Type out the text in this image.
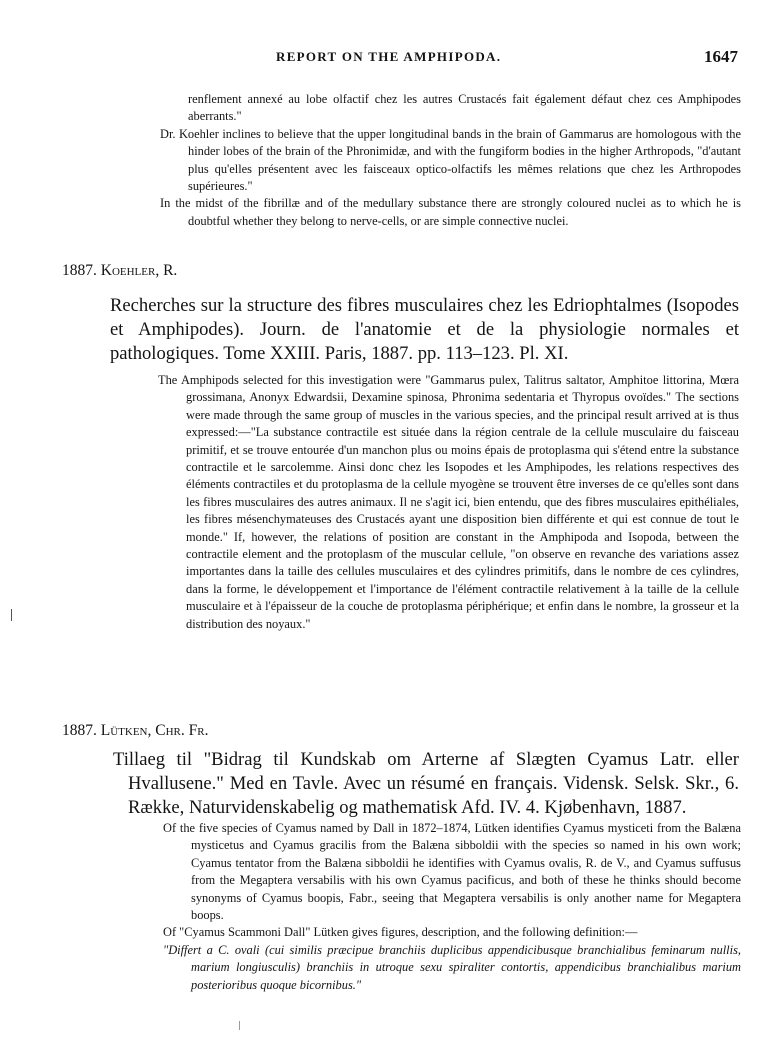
REPORT ON THE AMPHIPODA.	1647

renflement annexé au lobe olfactif chez les autres Crustacés fait également défaut chez ces Amphipodes aberrants."

Dr. Koehler inclines to believe that the upper longitudinal bands in the brain of Gammarus are homologous with the hinder lobes of the brain of the Phronimidæ, and with the fungiform bodies in the higher Arthropods, "d'autant plus qu'elles présentent avec les faisceaux optico-olfactifs les mêmes relations que chez les Arthropodes supérieures."

In the midst of the fibrillæ and of the medullary substance there are strongly coloured nuclei as to which he is doubtful whether they belong to nerve-cells, or are simple connective nuclei.

1887. Koehler, R.

Recherches sur la structure des fibres musculaires chez les Edriophtalmes (Isopodes et Amphipodes). Journ. de l'anatomie et de la physiologie normales et pathologiques. Tome XXIII. Paris, 1887. pp. 113–123. Pl. XI.

The Amphipods selected for this investigation were "Gammarus pulex, Talitrus saltator, Amphitoe littorina, Mœra grossimana, Anonyx Edwardsii, Dexamine spinosa, Phronima sedentaria et Thyropus ovoïdes." The sections were made through the same group of muscles in the various species, and the principal result arrived at is thus expressed:—"La substance contractile est située dans la région centrale de la cellule musculaire du faisceau primitif, et se trouve entourée d'un manchon plus ou moins épais de protoplasma qui s'étend entre la substance contractile et le sarcolemme. Ainsi donc chez les Isopodes et les Amphipodes, les relations respectives des éléments contractiles et du protoplasma de la cellule myogène se trouvent être inverses de ce qu'elles sont dans les fibres musculaires des autres animaux. Il ne s'agit ici, bien entendu, que des fibres musculaires epithéliales, les fibres mésenchymateuses des Crustacés ayant une disposition bien différente et qui est connue de tout le monde." If, however, the relations of position are constant in the Amphipoda and Isopoda, between the contractile element and the protoplasm of the muscular cellule, "on observe en revanche des variations assez importantes dans la taille des cellules musculaires et des cylindres primitifs, dans le nombre de ces cylindres, dans la forme, le développement et l'importance de l'élément contractile relativement à la taille de la cellule musculaire et à l'épaisseur de la couche de protoplasma périphérique; et enfin dans le nombre, la grosseur et la distribution des noyaux."

1887. Lütken, Chr. Fr.

Tillaeg til "Bidrag til Kundskab om Arterne af Slægten Cyamus Latr. eller Hvallusene." Med en Tavle. Avec un résumé en français. Vidensk. Selsk. Skr., 6. Række, Naturvidenskabelig og mathematisk Afd. IV. 4. Kjøbenhavn, 1887.

Of the five species of Cyamus named by Dall in 1872–1874, Lütken identifies Cyamus mysticeti from the Balæna mysticetus and Cyamus gracilis from the Balæna sibboldii with the species so named in his own work; Cyamus tentator from the Balæna sibboldii he identifies with Cyamus ovalis, R. de V., and Cyamus suffusus from the Megaptera versabilis with his own Cyamus pacificus, and both of these he thinks should become synonyms of Cyamus boopis, Fabr., seeing that Megaptera versabilis is only another name for Megaptera boops.

Of "Cyamus Scammoni Dall" Lütken gives figures, description, and the following definition:—

"Differt a C. ovali (cui similis præcipue branchiis duplicibus appendicibusque branchialibus feminarum nullis, marium longiusculis) branchiis in utroque sexu spiraliter contortis, appendicibus branchialibus marium posterioribus quoque bicornibus."
